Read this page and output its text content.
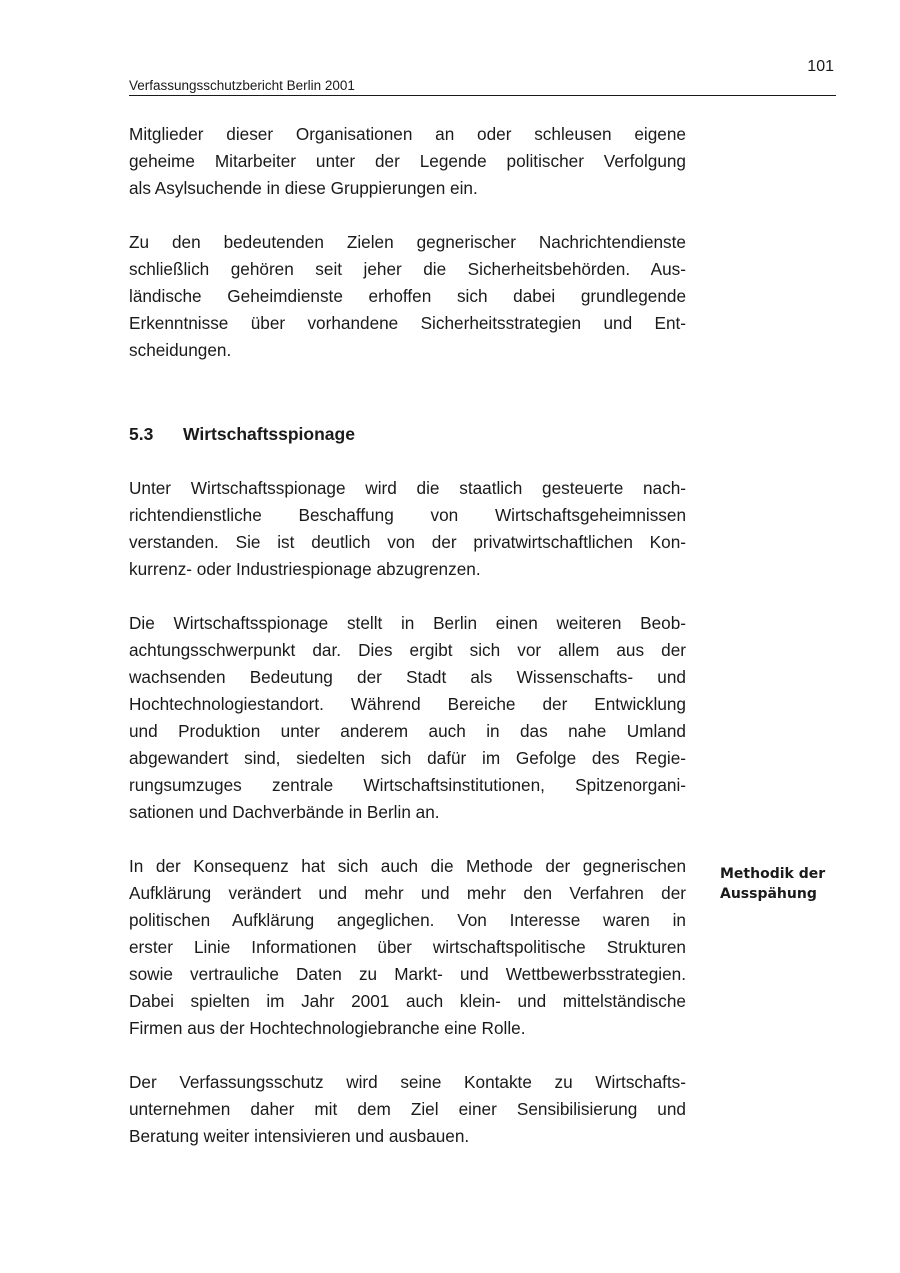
101
Verfassungsschutzbericht Berlin 2001

Mitglieder dieser Organisationen an oder schleusen eigene
geheime Mitarbeiter unter der Legende politischer Verfolgung
als Asylsuchende in diese Gruppierungen ein.

Zu den bedeutenden Zielen gegnerischer Nachrichtendienste
schließlich gehören seit jeher die Sicherheitsbehörden. Aus-
ländische Geheimdienste erhoffen sich dabei grundlegende
Erkenntnisse über vorhandene Sicherheitsstrategien und Ent-
scheidungen.

5.3 Wirtschaftsspionage

Unter Wirtschaftsspionage wird die staatlich gesteuerte nach-
richtendienstliche Beschaffung von Wirtschaftsgeheimnissen
verstanden. Sie ist deutlich von der privatwirtschaftlichen Kon-
kurrenz- oder Industriespionage abzugrenzen.

Die Wirtschaftsspionage stellt in Berlin einen weiteren Beob-
achtungsschwerpunkt dar. Dies ergibt sich vor allem aus der
wachsenden Bedeutung der Stadt als Wissenschafts- und
Hochtechnologiestandort. Während Bereiche der Entwicklung
und Produktion unter anderem auch in das nahe Umland
abgewandert sind, siedelten sich dafür im Gefolge des Regie-
rungsumzuges zentrale Wirtschaftsinstitutionen, Spitzenorgani-
sationen und Dachverbände in Berlin an.

In der Konsequenz hat sich auch die Methode der gegnerischen
Aufklärung verändert und mehr und mehr den Verfahren der
politischen Aufklärung angeglichen. Von Interesse waren in
erster Linie Informationen über wirtschaftspolitische Strukturen
sowie vertrauliche Daten zu Markt- und Wettbewerbsstrategien.
Dabei spielten im Jahr 2001 auch klein- und mittelständische
Firmen aus der Hochtechnologiebranche eine Rolle.

Der Verfassungsschutz wird seine Kontakte zu Wirtschafts-
unternehmen daher mit dem Ziel einer Sensibilisierung und
Beratung weiter intensivieren und ausbauen.

Methodik der
Ausspähung
